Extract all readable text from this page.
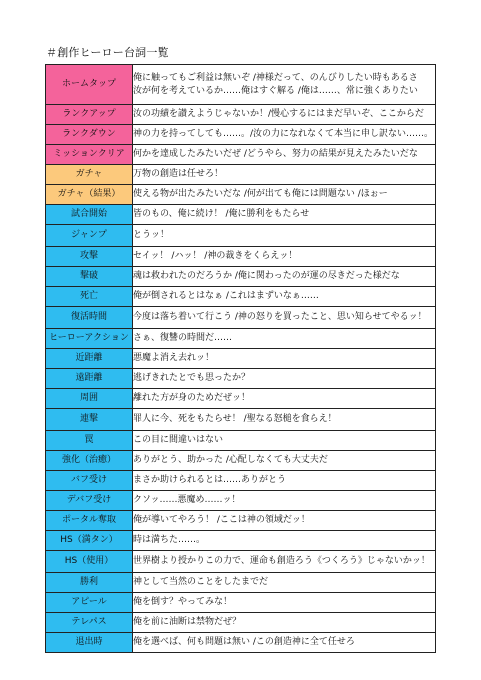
＃創作ヒーロー台詞一覧
ホームタップ	俺に触ってもご利益は無いぞ /神様だって、のんびりしたい時もあるさ
汝が何を考えているか……俺はすぐ解る /俺は……、常に強くありたい

ランクアップ	汝の功績を讃えようじゃないか！/慢心するにはまだ早いぞ、ここからだ

ランクダウン	神の力を持ってしても……。/汝の力になれなくて本当に申し訳ない……。

ミッションクリア	何かを達成したみたいだぜ /どうやら、努力の結果が見えたみたいだな

ガチャ	万物の創造は任せろ！

ガチャ（結果）	使える物が出たみたいだな /何が出ても俺には問題ない /ほぉー

試合開始	皆のもの、俺に続け！ /俺に勝利をもたらせ

ジャンプ	とうッ！

攻撃	セイッ！ /ハッ！ /神の裁きをくらえッ！

撃破	魂は救われたのだろうか /俺に関わったのが運の尽きだった様だな

死亡	俺が倒されるとはなぁ /これはまずいなぁ……

復活時間	今度は落ち着いて行こう /神の怒りを買ったこと、思い知らせてやるッ！

ヒーローアクション	さぁ、復讐の時間だ……

近距離	悪魔よ消え去れッ！

遠距離	逃げきれたとでも思ったか？

周囲	離れた方が身のためだぜッ！

連撃	罪人に今、死をもたらせ！ /聖なる怒槌を食らえ！

罠	この目に間違いはない

強化（治癒）	ありがとう、助かった /心配しなくても大丈夫だ

バフ受け	まさか助けられるとは……ありがとう

デバフ受け	クソッ……悪魔め……ッ！

ポータル奪取	俺が導いてやろう！ /ここは神の領域だッ！

HS（満タン）	時は満ちた……。

HS（使用）	世界樹より授かりこの力で、運命も創造ろう《つくろう》じゃないかッ！

勝利	神として当然のことをしたまでだ

アピール	俺を倒す？やってみな！

テレパス	俺を前に油断は禁物だぜ？

退出時	俺を選べば、何も問題は無い /この創造神に全て任せろ
